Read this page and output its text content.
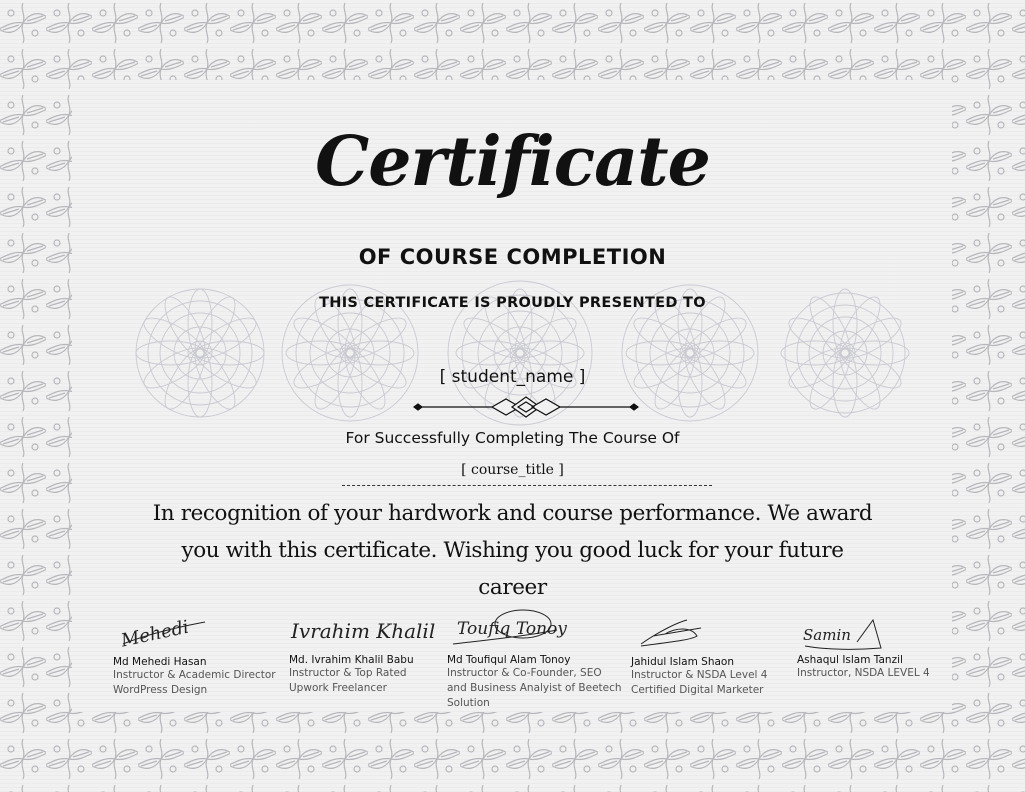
Certificate
OF COURSE COMPLETION

THIS CERTIFICATE IS PROUDLY PRESENTED TO

[ student_name ]
For Successfully Completing The Course Of
[ course_title ]
In recognition of your hardwork and course performance. We award you with this certificate. Wishing you good luck for your future career
Mehedi
Md Mehedi Hasan
Instructor & Academic Director
WordPress Design
Ivrahim Khalil
Md. Ivrahim Khalil Babu
Instructor & Top Rated
Upwork Freelancer
Toufiq Tonoy
Md Toufiqul Alam Tonoy
Instructor & Co-Founder, SEO
and Business Analyist of Beetech
Solution
Jahidul Islam Shaon
Instructor & NSDA Level 4
Certified Digital Marketer
Samin
Ashaqul Islam Tanzil
Instructor, NSDA LEVEL 4
